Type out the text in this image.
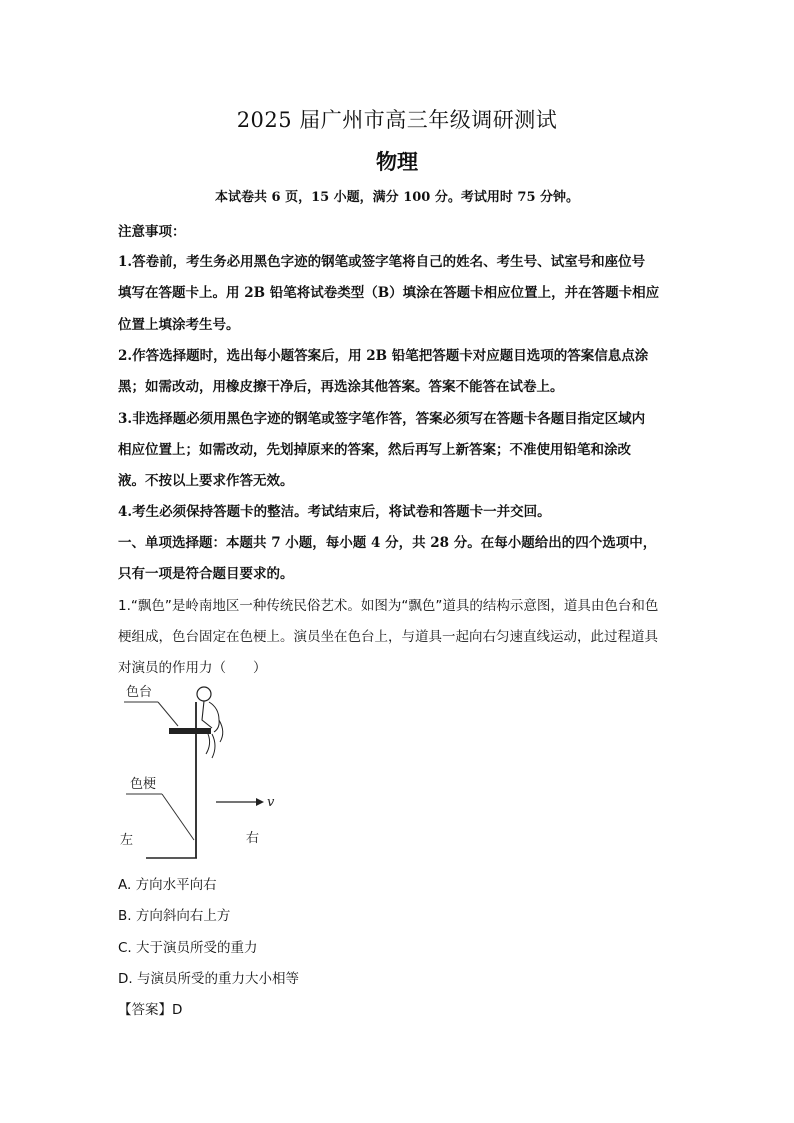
2025 届广州市高三年级调研测试
物理
本试卷共 6 页，15 小题，满分 100 分。考试用时 75 分钟。
注意事项：
1.答卷前，考生务必用黑色字迹的钢笔或签字笔将自己的姓名、考生号、试室号和座位号
填写在答题卡上。用 2B 铅笔将试卷类型（B）填涂在答题卡相应位置上，并在答题卡相应
位置上填涂考生号。
2.作答选择题时，选出每小题答案后，用 2B 铅笔把答题卡对应题目选项的答案信息点涂
黑；如需改动，用橡皮擦干净后，再选涂其他答案。答案不能答在试卷上。
3.非选择题必须用黑色字迹的钢笔或签字笔作答，答案必须写在答题卡各题目指定区域内
相应位置上；如需改动，先划掉原来的答案，然后再写上新答案；不准使用铅笔和涂改
液。不按以上要求作答无效。
4.考生必须保持答题卡的整洁。考试结束后，将试卷和答题卡一并交回。
一、单项选择题：本题共 7 小题，每小题 4 分，共 28 分。在每小题给出的四个选项中，
只有一项是符合题目要求的。
1.“飘色”是岭南地区一种传统民俗艺术。如图为“飘色”道具的结构示意图，道具由色台和色
梗组成，色台固定在色梗上。演员坐在色台上，与道具一起向右匀速直线运动，此过程道具
对演员的作用力（　　）
色台
色梗
v
左	右
A. 方向水平向右
B. 方向斜向右上方
C. 大于演员所受的重力
D. 与演员所受的重力大小相等
【答案】D
